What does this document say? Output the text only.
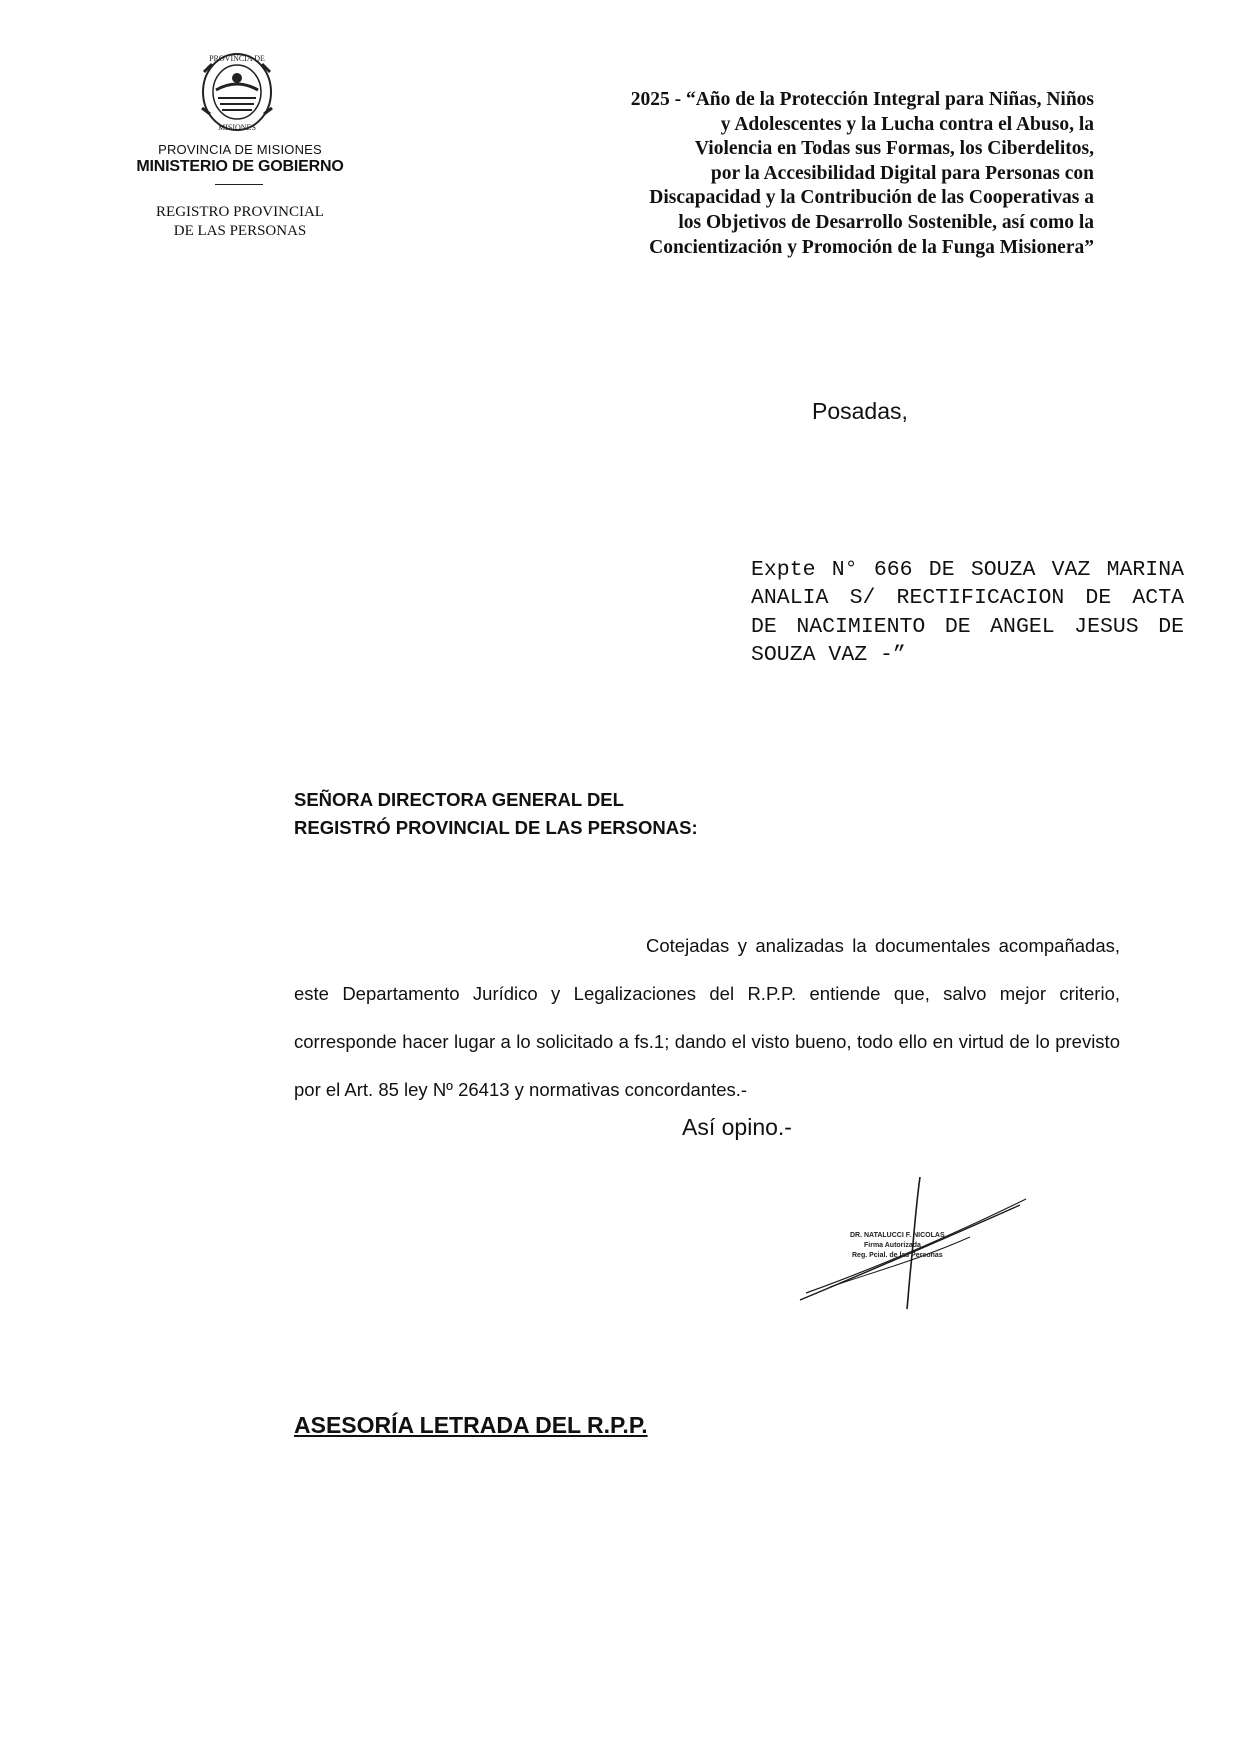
PROVINCIA DE
MISIONES
PROVINCIA DE MISIONES
MINISTERIO DE GOBIERNO
REGISTRO PROVINCIAL
DE LAS PERSONAS
2025 - “Año de la Protección Integral para Niñas, Niños
y Adolescentes y la Lucha contra el Abuso, la
Violencia en Todas sus Formas, los Ciberdelitos,
por la Accesibilidad Digital para Personas con
Discapacidad y la Contribución de las Cooperativas a
los Objetivos de Desarrollo Sostenible, así como la
Concientización y Promoción de la Funga Misionera”
Posadas,
Expte N° 666 DE SOUZA VAZ MARINA ANALIA S/ RECTIFICACION DE ACTA DE NACIMIENTO DE ANGEL JESUS DE SOUZA VAZ -”
SEÑORA DIRECTORA GENERAL DEL
REGISTRÓ PROVINCIAL DE LAS PERSONAS:
Cotejadas y analizadas la documentales acompañadas, este Departamento Jurídico y Legalizaciones del R.P.P. entiende que, salvo mejor criterio, corresponde hacer lugar a lo solicitado a fs.1; dando el visto bueno, todo ello en virtud de lo previsto por el Art. 85 ley Nº 26413 y normativas concordantes.-
Así opino.-
DR. NATALUCCI F. NICOLAS
Firma Autorizada
Reg. Pcial. de las Personas
ASESORÍA LETRADA DEL R.P.P.
